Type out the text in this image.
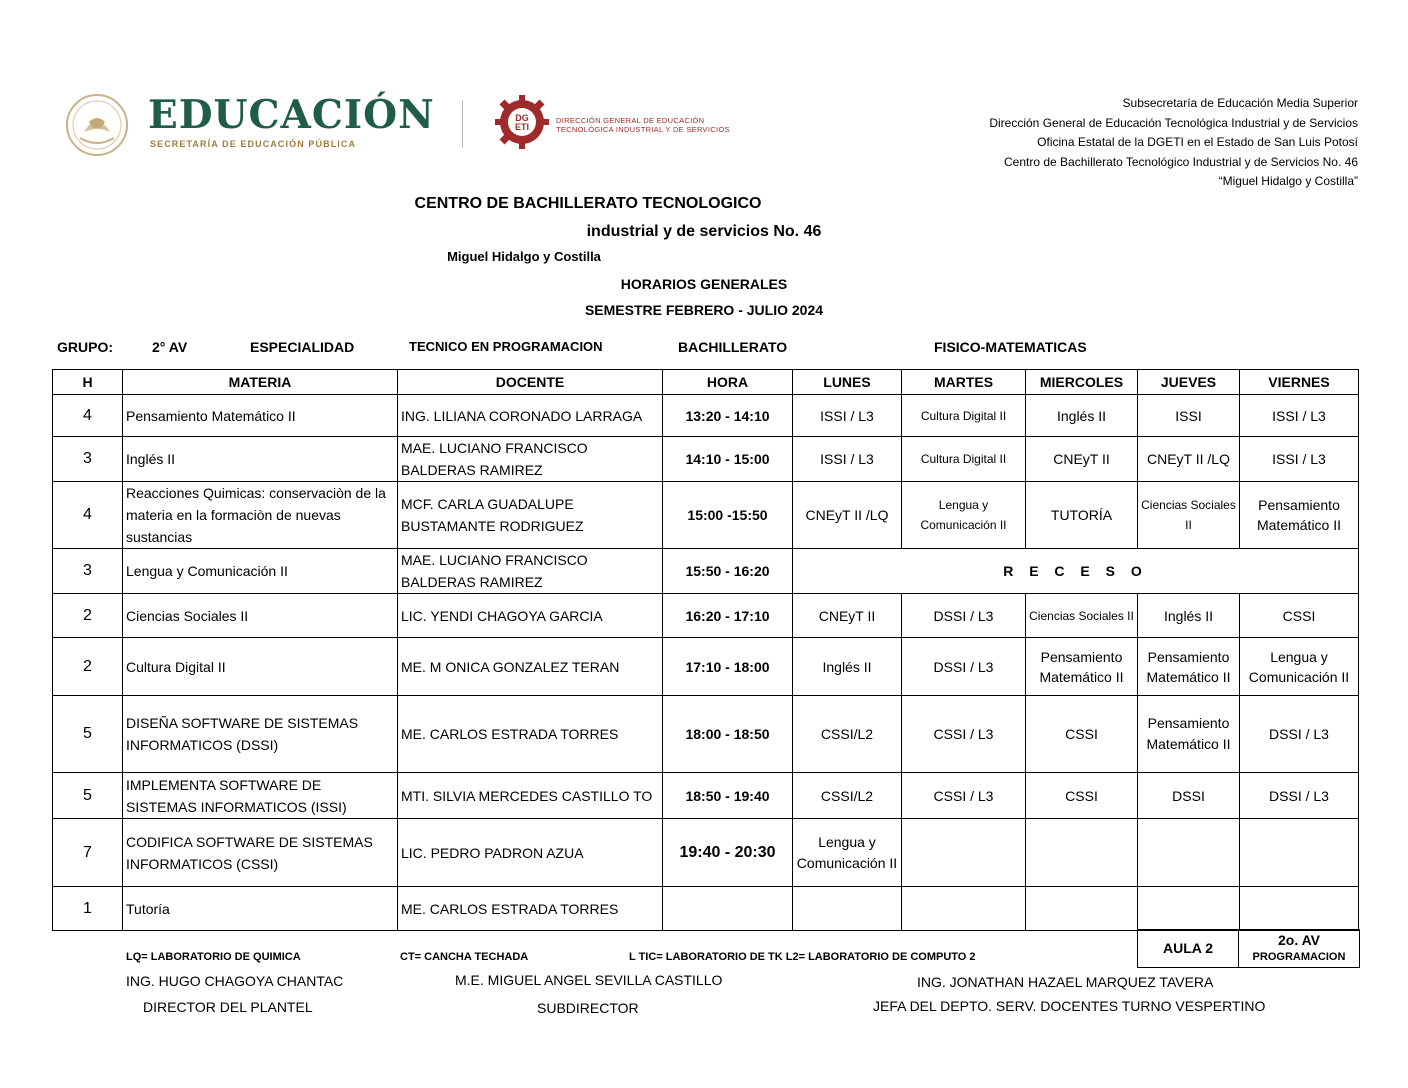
EDUCACIÓN
SECRETARÍA DE EDUCACIÓN PÚBLICA
DG ETI
DIRECCIÓN GENERAL DE EDUCACIÓN
TECNOLÓGICA INDUSTRIAL Y DE SERVICIOS
Subsecretaría de Educación Media Superior
Dirección General de Educación Tecnológica Industrial y de Servicios
Oficina Estatal de la DGETI en el Estado de San Luis Potosí
Centro de Bachillerato Tecnológico Industrial y de Servicios No. 46
“Miguel Hidalgo y Costilla”
CENTRO DE BACHILLERATO TECNOLOGICO
industrial y de servicios No. 46
Miguel Hidalgo y Costilla
HORARIOS GENERALES
SEMESTRE FEBRERO - JULIO 2024
GRUPO:	2° AV	ESPECIALIDAD	TECNICO EN PROGRAMACION	BACHILLERATO	FISICO-MATEMATICAS
H	MATERIA	DOCENTE	HORA	LUNES	MARTES	MIERCOLES	JUEVES	VIERNES
4	Pensamiento Matemático II	ING. LILIANA CORONADO LARRAGA	13:20 - 14:10	ISSI / L3	Cultura Digital II	Inglés II	ISSI	ISSI / L3
3	Inglés II	MAE. LUCIANO FRANCISCO BALDERAS RAMIREZ	14:10 - 15:00	ISSI / L3	Cultura Digital II	CNEyT II	CNEyT II /LQ	ISSI / L3
4	Reacciones Quimicas: conservaciòn de la materia en la formaciòn de nuevas sustancias	MCF. CARLA GUADALUPE BUSTAMANTE RODRIGUEZ	15:00 -15:50	CNEyT II /LQ	Lengua y Comunicación II	TUTORÍA	Ciencias Sociales II	Pensamiento Matemático II
3	Lengua y Comunicación II	MAE. LUCIANO FRANCISCO BALDERAS RAMIREZ	15:50 - 16:20	R E C E S O				
2	Ciencias Sociales II	LIC. YENDI CHAGOYA GARCIA	16:20 - 17:10	CNEyT II	DSSI / L3	Ciencias Sociales II	Inglés II	CSSI
2	Cultura Digital II	ME. M ONICA GONZALEZ TERAN	17:10 - 18:00	Inglés II	DSSI / L3	Pensamiento Matemático II	Pensamiento Matemático II	Lengua y Comunicación II
5	DISEÑA SOFTWARE DE SISTEMAS INFORMATICOS (DSSI)	ME. CARLOS ESTRADA TORRES	18:00 - 18:50	CSSI/L2	CSSI / L3	CSSI	Pensamiento Matemático II	DSSI / L3
5	IMPLEMENTA SOFTWARE DE SISTEMAS INFORMATICOS (ISSI)	MTI. SILVIA MERCEDES CASTILLO TO	18:50 - 19:40	CSSI/L2	CSSI / L3	CSSI	DSSI	DSSI / L3
7	CODIFICA SOFTWARE DE SISTEMAS INFORMATICOS (CSSI)	LIC. PEDRO PADRON AZUA	19:40 - 20:30	Lengua y Comunicación II				
1	Tutoría	ME. CARLOS ESTRADA TORRES						
AULA 2	2o. AV
PROGRAMACION
LQ= LABORATORIO DE QUIMICA	CT= CANCHA TECHADA	L TIC= LABORATORIO DE TK L2= LABORATORIO DE COMPUTO 2
ING. HUGO CHAGOYA CHANTAC
DIRECTOR DEL PLANTEL
M.E. MIGUEL ANGEL SEVILLA CASTILLO
SUBDIRECTOR
ING. JONATHAN HAZAEL MARQUEZ TAVERA
JEFA DEL DEPTO. SERV. DOCENTES TURNO VESPERTINO
